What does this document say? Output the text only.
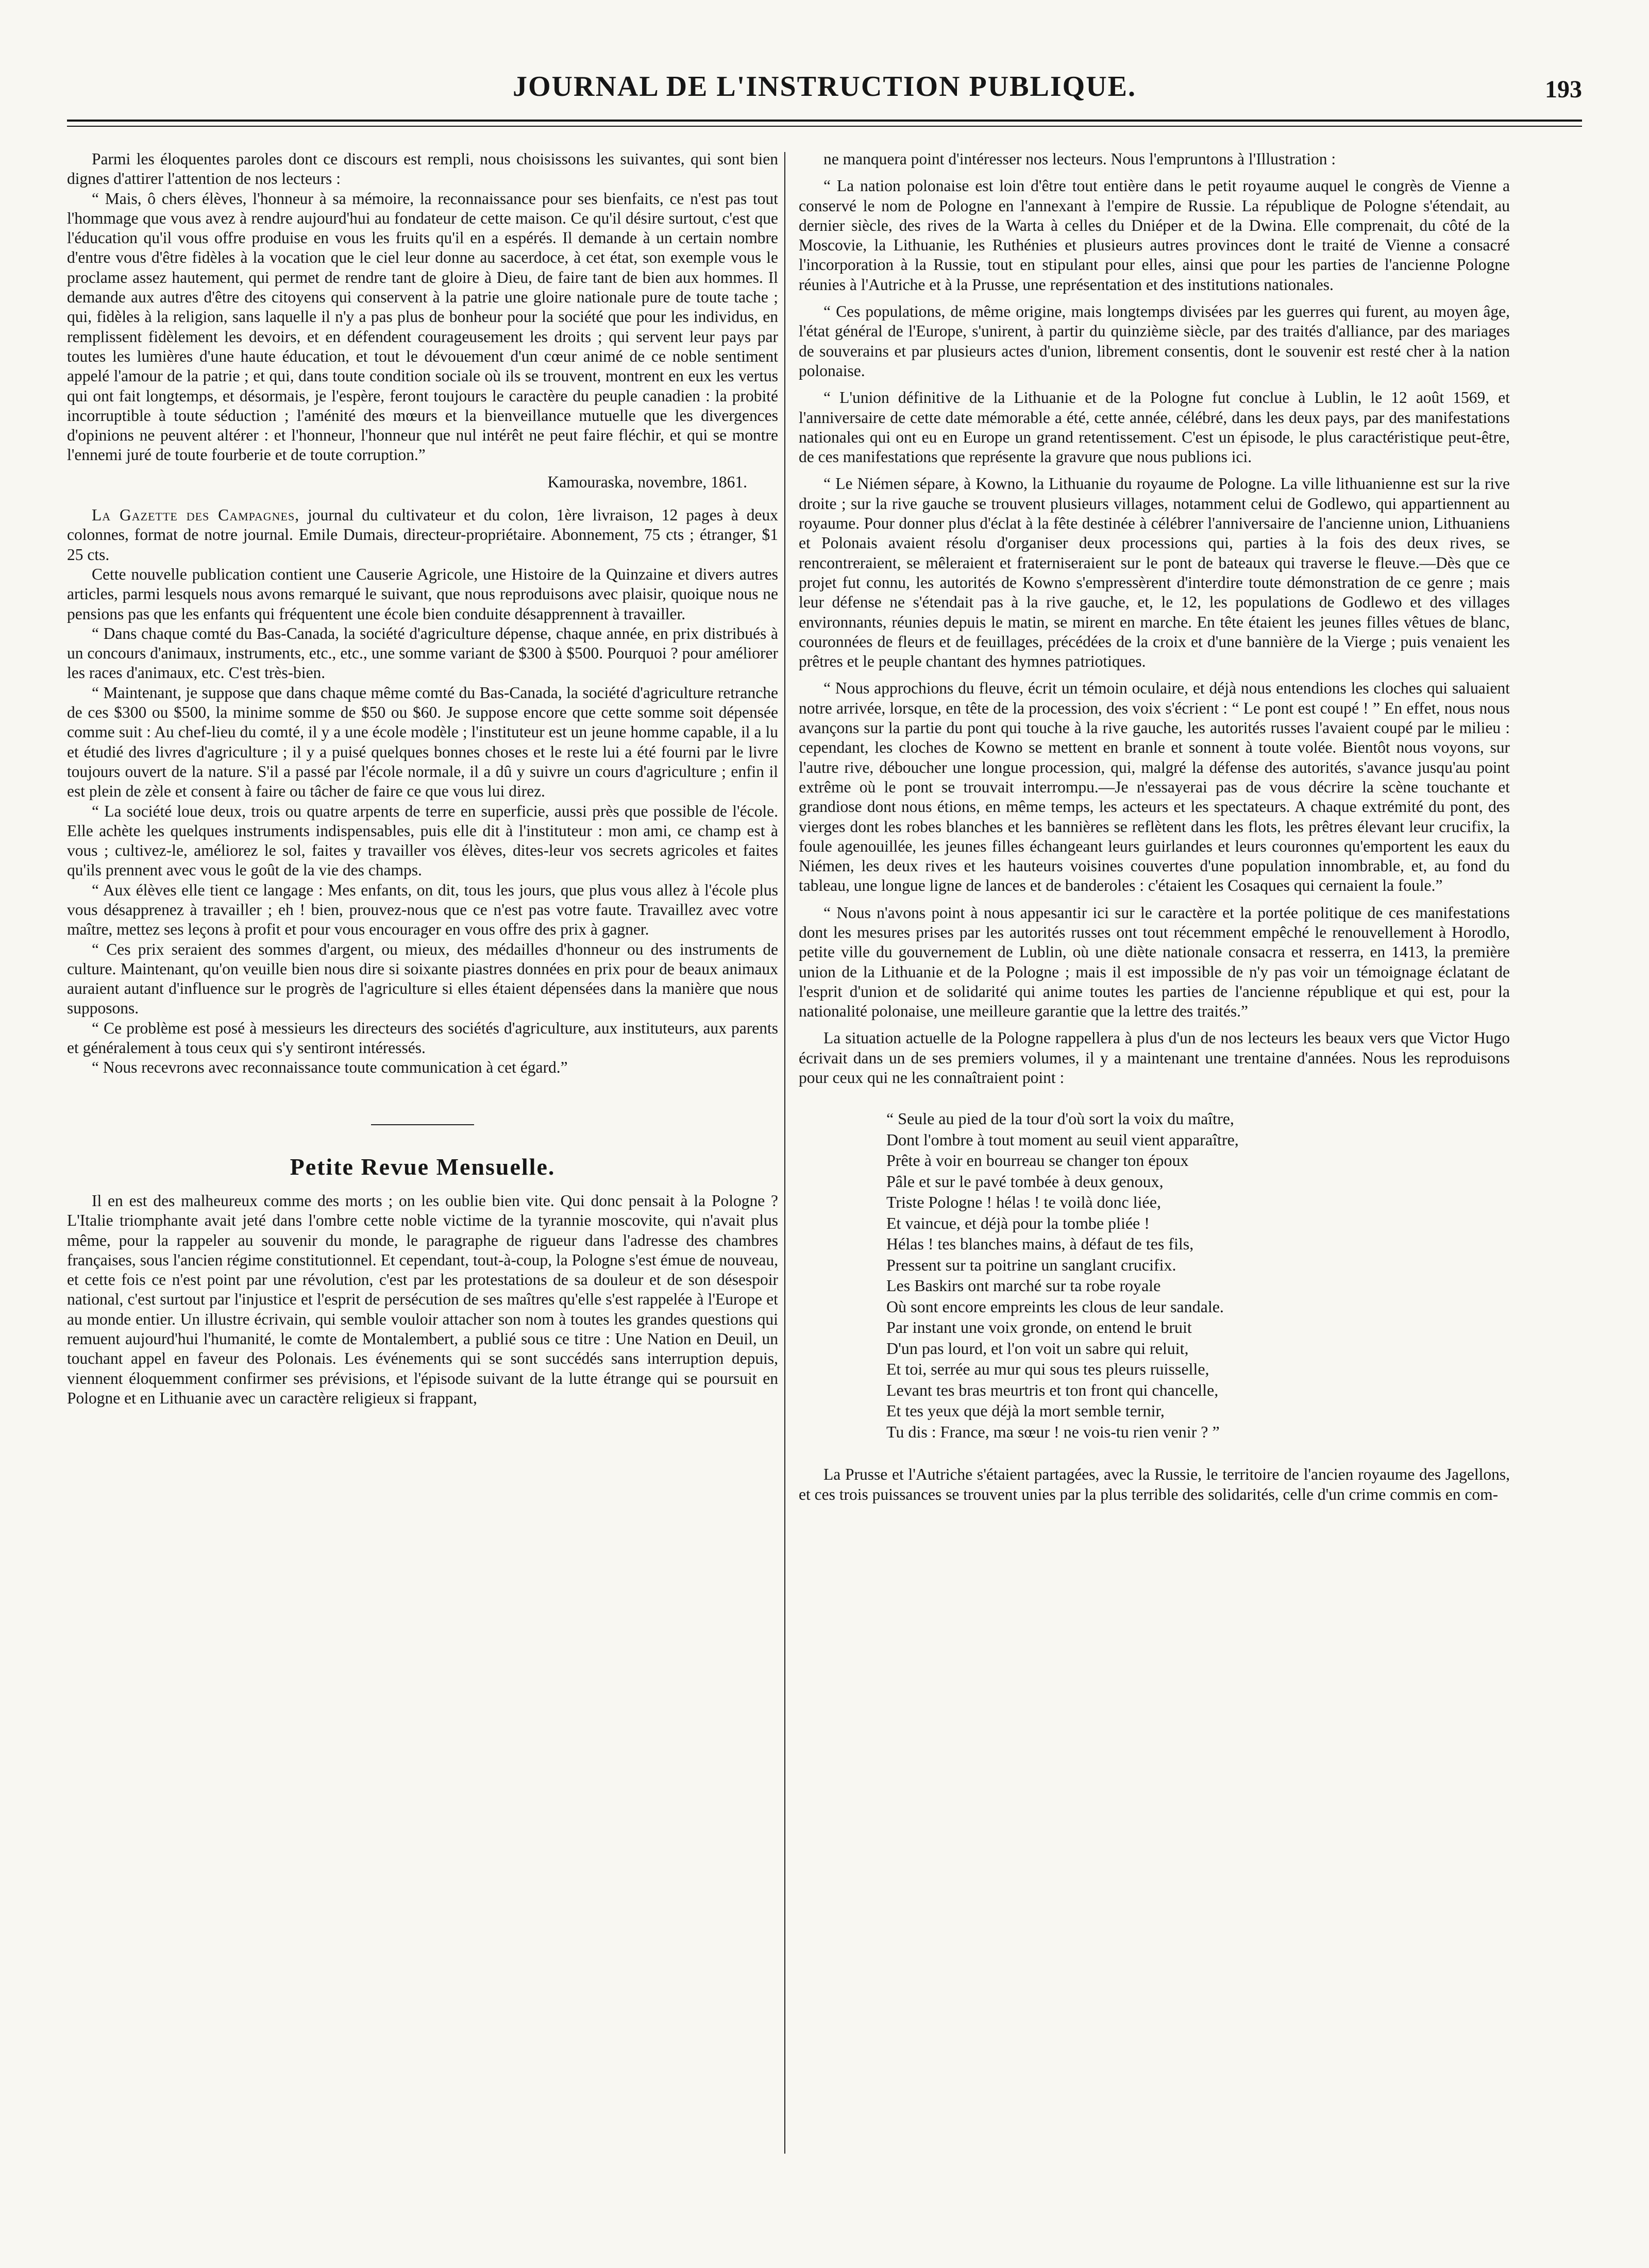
JOURNAL DE L'INSTRUCTION PUBLIQUE.	193

Parmi les éloquentes paroles dont ce discours est rempli, nous choisissons les suivantes, qui sont bien dignes d'attirer l'attention de nos lecteurs :

“ Mais, ô chers élèves, l'honneur à sa mémoire, la reconnaissance pour ses bienfaits, ce n'est pas tout l'hommage que vous avez à rendre aujourd'hui au fondateur de cette maison. Ce qu'il désire surtout, c'est que l'éducation qu'il vous offre produise en vous les fruits qu'il en a espérés. Il demande à un certain nombre d'entre vous d'être fidèles à la vocation que le ciel leur donne au sacerdoce, à cet état, son exemple vous le proclame assez hautement, qui permet de rendre tant de gloire à Dieu, de faire tant de bien aux hommes. Il demande aux autres d'être des citoyens qui conservent à la patrie une gloire nationale pure de toute tache ; qui, fidèles à la religion, sans laquelle il n'y a pas plus de bonheur pour la société que pour les individus, en remplissent fidèlement les devoirs, et en défendent courageusement les droits ; qui servent leur pays par toutes les lumières d'une haute éducation, et tout le dévouement d'un cœur animé de ce noble sentiment appelé l'amour de la patrie ; et qui, dans toute condition sociale où ils se trouvent, montrent en eux les vertus qui ont fait longtemps, et désormais, je l'espère, feront toujours le caractère du peuple canadien : la probité incorruptible à toute séduction ; l'aménité des mœurs et la bienveillance mutuelle que les divergences d'opinions ne peuvent altérer : et l'honneur, l'honneur que nul intérêt ne peut faire fléchir, et qui se montre l'ennemi juré de toute fourberie et de toute corruption.”

Kamouraska, novembre, 1861.

La Gazette des Campagnes, journal du cultivateur et du colon, 1ère livraison, 12 pages à deux colonnes, format de notre journal. Emile Dumais, directeur-propriétaire. Abonnement, 75 cts ; étranger, $1 25 cts.

Cette nouvelle publication contient une Causerie Agricole, une Histoire de la Quinzaine et divers autres articles, parmi lesquels nous avons remarqué le suivant, que nous reproduisons avec plaisir, quoique nous ne pensions pas que les enfants qui fréquentent une école bien conduite désapprennent à travailler.

“ Dans chaque comté du Bas-Canada, la société d'agriculture dépense, chaque année, en prix distribués à un concours d'animaux, instruments, etc., etc., une somme variant de $300 à $500. Pourquoi ? pour améliorer les races d'animaux, etc. C'est très-bien.

“ Maintenant, je suppose que dans chaque même comté du Bas-Canada, la société d'agriculture retranche de ces $300 ou $500, la minime somme de $50 ou $60. Je suppose encore que cette somme soit dépensée comme suit : Au chef-lieu du comté, il y a une école modèle ; l'instituteur est un jeune homme capable, il a lu et étudié des livres d'agriculture ; il y a puisé quelques bonnes choses et le reste lui a été fourni par le livre toujours ouvert de la nature. S'il a passé par l'école normale, il a dû y suivre un cours d'agriculture ; enfin il est plein de zèle et consent à faire ou tâcher de faire ce que vous lui direz.

“ La société loue deux, trois ou quatre arpents de terre en superficie, aussi près que possible de l'école. Elle achète les quelques instruments indispensables, puis elle dit à l'instituteur : mon ami, ce champ est à vous ; cultivez-le, améliorez le sol, faites y travailler vos élèves, dites-leur vos secrets agricoles et faites qu'ils prennent avec vous le goût de la vie des champs.

“ Aux élèves elle tient ce langage : Mes enfants, on dit, tous les jours, que plus vous allez à l'école plus vous désapprenez à travailler ; eh ! bien, prouvez-nous que ce n'est pas votre faute. Travaillez avec votre maître, mettez ses leçons à profit et pour vous encourager en vous offre des prix à gagner.

“ Ces prix seraient des sommes d'argent, ou mieux, des médailles d'honneur ou des instruments de culture. Maintenant, qu'on veuille bien nous dire si soixante piastres données en prix pour de beaux animaux auraient autant d'influence sur le progrès de l'agriculture si elles étaient dépensées dans la manière que nous supposons.

“ Ce problème est posé à messieurs les directeurs des sociétés d'agriculture, aux instituteurs, aux parents et généralement à tous ceux qui s'y sentiront intéressés.

“ Nous recevrons avec reconnaissance toute communication à cet égard.”

Petite Revue Mensuelle.

Il en est des malheureux comme des morts ; on les oublie bien vite. Qui donc pensait à la Pologne ? L'Italie triomphante avait jeté dans l'ombre cette noble victime de la tyrannie moscovite, qui n'avait plus même, pour la rappeler au souvenir du monde, le paragraphe de rigueur dans l'adresse des chambres françaises, sous l'ancien régime constitutionnel. Et cependant, tout-à-coup, la Pologne s'est émue de nouveau, et cette fois ce n'est point par une révolution, c'est par les protestations de sa douleur et de son désespoir national, c'est surtout par l'injustice et l'esprit de persécution de ses maîtres qu'elle s'est rappelée à l'Europe et au monde entier. Un illustre écrivain, qui semble vouloir attacher son nom à toutes les grandes questions qui remuent aujourd'hui l'humanité, le comte de Montalembert, a publié sous ce titre : Une Nation en Deuil, un touchant appel en faveur des Polonais. Les événements qui se sont succédés sans interruption depuis, viennent éloquemment confirmer ses prévisions, et l'épisode suivant de la lutte étrange qui se poursuit en Pologne et en Lithuanie avec un caractère religieux si frappant,

ne manquera point d'intéresser nos lecteurs. Nous l'empruntons à l'Illustration :

“ La nation polonaise est loin d'être tout entière dans le petit royaume auquel le congrès de Vienne a conservé le nom de Pologne en l'annexant à l'empire de Russie. La république de Pologne s'étendait, au dernier siècle, des rives de la Warta à celles du Dniéper et de la Dwina. Elle comprenait, du côté de la Moscovie, la Lithuanie, les Ruthénies et plusieurs autres provinces dont le traité de Vienne a consacré l'incorporation à la Russie, tout en stipulant pour elles, ainsi que pour les parties de l'ancienne Pologne réunies à l'Autriche et à la Prusse, une représentation et des institutions nationales.

“ Ces populations, de même origine, mais longtemps divisées par les guerres qui furent, au moyen âge, l'état général de l'Europe, s'unirent, à partir du quinzième siècle, par des traités d'alliance, par des mariages de souverains et par plusieurs actes d'union, librement consentis, dont le souvenir est resté cher à la nation polonaise.

“ L'union définitive de la Lithuanie et de la Pologne fut conclue à Lublin, le 12 août 1569, et l'anniversaire de cette date mémorable a été, cette année, célébré, dans les deux pays, par des manifestations nationales qui ont eu en Europe un grand retentissement. C'est un épisode, le plus caractéristique peut-être, de ces manifestations que représente la gravure que nous publions ici.

“ Le Niémen sépare, à Kowno, la Lithuanie du royaume de Pologne. La ville lithuanienne est sur la rive droite ; sur la rive gauche se trouvent plusieurs villages, notamment celui de Godlewo, qui appartiennent au royaume. Pour donner plus d'éclat à la fête destinée à célébrer l'anniversaire de l'ancienne union, Lithuaniens et Polonais avaient résolu d'organiser deux processions qui, parties à la fois des deux rives, se rencontreraient, se mêleraient et fraterniseraient sur le pont de bateaux qui traverse le fleuve.—Dès que ce projet fut connu, les autorités de Kowno s'empressèrent d'interdire toute démonstration de ce genre ; mais leur défense ne s'étendait pas à la rive gauche, et, le 12, les populations de Godlewo et des villages environnants, réunies depuis le matin, se mirent en marche. En tête étaient les jeunes filles vêtues de blanc, couronnées de fleurs et de feuillages, précédées de la croix et d'une bannière de la Vierge ; puis venaient les prêtres et le peuple chantant des hymnes patriotiques.

“ Nous approchions du fleuve, écrit un témoin oculaire, et déjà nous entendions les cloches qui saluaient notre arrivée, lorsque, en tête de la procession, des voix s'écrient : “ Le pont est coupé ! ” En effet, nous nous avançons sur la partie du pont qui touche à la rive gauche, les autorités russes l'avaient coupé par le milieu : cependant, les cloches de Kowno se mettent en branle et sonnent à toute volée. Bientôt nous voyons, sur l'autre rive, déboucher une longue procession, qui, malgré la défense des autorités, s'avance jusqu'au point extrême où le pont se trouvait interrompu.—Je n'essayerai pas de vous décrire la scène touchante et grandiose dont nous étions, en même temps, les acteurs et les spectateurs. A chaque extrémité du pont, des vierges dont les robes blanches et les bannières se reflètent dans les flots, les prêtres élevant leur crucifix, la foule agenouillée, les jeunes filles échangeant leurs guirlandes et leurs couronnes qu'emportent les eaux du Niémen, les deux rives et les hauteurs voisines couvertes d'une population innombrable, et, au fond du tableau, une longue ligne de lances et de banderoles : c'étaient les Cosaques qui cernaient la foule.”

“ Nous n'avons point à nous appesantir ici sur le caractère et la portée politique de ces manifestations dont les mesures prises par les autorités russes ont tout récemment empêché le renouvellement à Horodlo, petite ville du gouvernement de Lublin, où une diète nationale consacra et resserra, en 1413, la première union de la Lithuanie et de la Pologne ; mais il est impossible de n'y pas voir un témoignage éclatant de l'esprit d'union et de solidarité qui anime toutes les parties de l'ancienne république et qui est, pour la nationalité polonaise, une meilleure garantie que la lettre des traités.”

La situation actuelle de la Pologne rappellera à plus d'un de nos lecteurs les beaux vers que Victor Hugo écrivait dans un de ses premiers volumes, il y a maintenant une trentaine d'années. Nous les reproduisons pour ceux qui ne les connaîtraient point :

“ Seule au pied de la tour d'où sort la voix du maître,
Dont l'ombre à tout moment au seuil vient apparaître,
Prête à voir en bourreau se changer ton époux
Pâle et sur le pavé tombée à deux genoux,
Triste Pologne ! hélas ! te voilà donc liée,
Et vaincue, et déjà pour la tombe pliée !
Hélas ! tes blanches mains, à défaut de tes fils,
Pressent sur ta poitrine un sanglant crucifix.
Les Baskirs ont marché sur ta robe royale
Où sont encore empreints les clous de leur sandale.
Par instant une voix gronde, on entend le bruit
D'un pas lourd, et l'on voit un sabre qui reluit,
Et toi, serrée au mur qui sous tes pleurs ruisselle,
Levant tes bras meurtris et ton front qui chancelle,
Et tes yeux que déjà la mort semble ternir,
Tu dis : France, ma sœur ! ne vois-tu rien venir ? ”

La Prusse et l'Autriche s'étaient partagées, avec la Russie, le territoire de l'ancien royaume des Jagellons, et ces trois puissances se trouvent unies par la plus terrible des solidarités, celle d'un crime commis en com-
